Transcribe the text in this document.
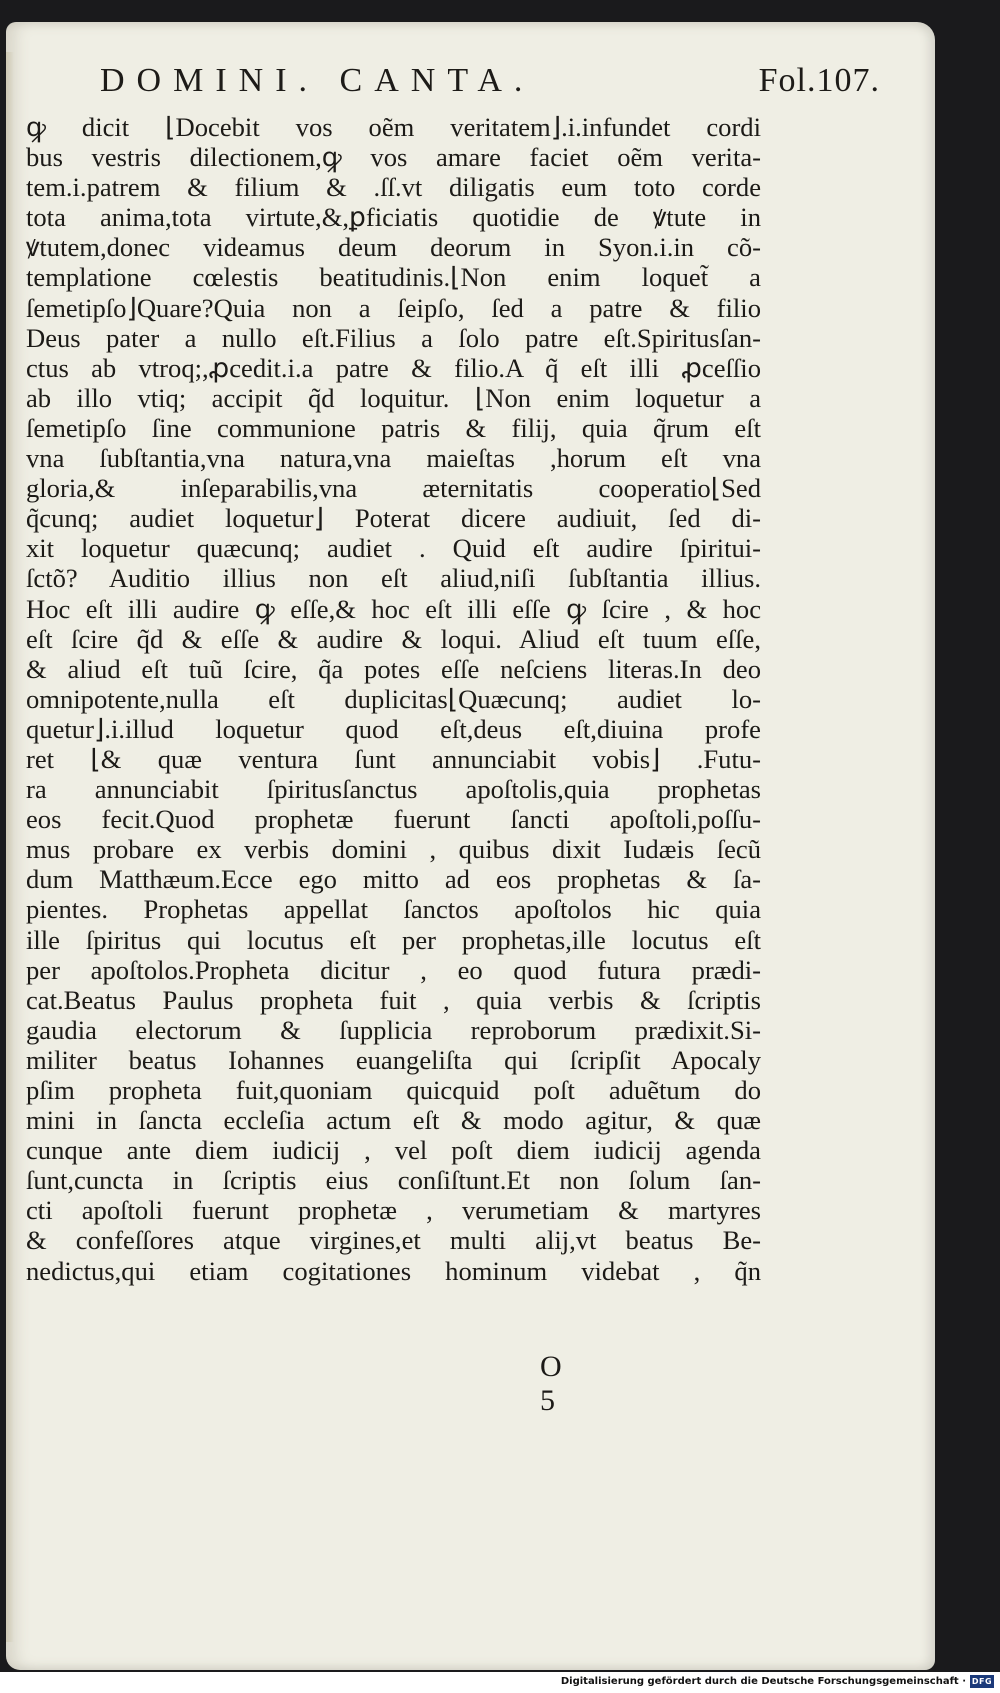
DOMINI. CANTA.	Fol.107.
ꝙ dicit ⌊Docebit vos oẽm veritatem⌋.i.infundet cordi
bus vestris dilectionem,ꝙ vos amare faciet oẽm verita-
tem.i.patrem & filium & .ſſ.vt diligatis eum toto corde
tota anima,tota virtute,&,ꝑficiatis quotidie de ꝟtute in
ꝟtutem,donec videamus deum deorum in Syon.i.in cõ-
templatione cœlestis beatitudinis.⌊Non enim loquet̃ a
ſemetipſo⌋Quare?Quia non a ſeipſo, ſed a patre & filio
Deus pater a nullo eſt.Filius a ſolo patre eſt.Spiritusſan-
ctus ab vtroq;,ꝓcedit.i.a patre & filio.A q̃ eſt illi ꝓceſſio
ab illo vtiq; accipit q̃d loquitur. ⌊Non enim loquetur a
ſemetipſo ſine communione patris & filij, quia q̃rum eſt
vna ſubſtantia,vna natura,vna maieſtas ,horum eſt vna
gloria,& inſeparabilis,vna æternitatis cooperatio⌊Sed
q̃cunq; audiet loquetur⌋ Poterat dicere audiuit, ſed di-
xit loquetur quæcunq; audiet . Quid eſt audire ſpiritui-
ſctõ? Auditio illius non eſt aliud,niſi ſubſtantia illius.
Hoc eſt illi audire ꝙ eſſe,& hoc eſt illi eſſe ꝙ ſcire , & hoc
eſt ſcire q̃d & eſſe & audire & loqui. Aliud eſt tuum eſſe,
& aliud eſt tuũ ſcire, q̃a potes eſſe neſciens literas.In deo
omnipotente,nulla eſt duplicitas⌊Quæcunq; audiet lo-
quetur⌋.i.illud loquetur quod eſt,deus eſt,diuina profe
ret ⌊& quæ ventura ſunt annunciabit vobis⌋ .Futu-
ra annunciabit ſpiritusſanctus apoſtolis,quia prophetas
eos fecit.Quod prophetæ fuerunt ſancti apoſtoli,poſſu-
mus probare ex verbis domini , quibus dixit Iudæis ſecũ
dum Matthæum.Ecce ego mitto ad eos prophetas & ſa-
pientes. Prophetas appellat ſanctos apoſtolos hic quia
ille ſpiritus qui locutus eſt per prophetas,ille locutus eſt
per apoſtolos.Propheta dicitur , eo quod futura prædi-
cat.Beatus Paulus propheta fuit , quia verbis & ſcriptis
gaudia electorum & ſupplicia reproborum prædixit.Si-
militer beatus Iohannes euangeliſta qui ſcripſit Apocaly
pſim propheta fuit,quoniam quicquid poſt aduẽtum do
mini in ſancta eccleſia actum eſt & modo agitur, & quæ
cunque ante diem iudicij , vel poſt diem iudicij agenda
ſunt,cuncta in ſcriptis eius conſiſtunt.Et non ſolum ſan-
cti apoſtoli fuerunt prophetæ , verumetiam & martyres
& confeſſores atque virgines,et multi alij,vt beatus Be-
nedictus,qui etiam cogitationes hominum videbat , q̃n
O 5
Digitalisierung gefördert durch die Deutsche Forschungsgemeinschaft · DFG
